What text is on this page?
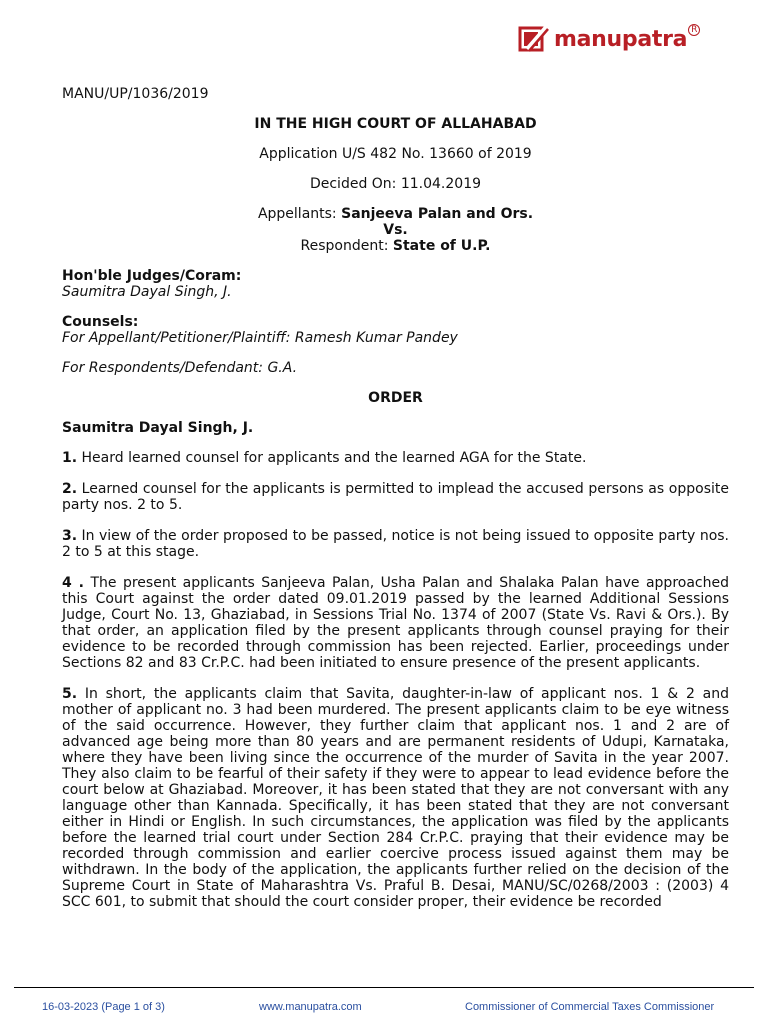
manupatra R
MANU/UP/1036/2019
IN THE HIGH COURT OF ALLAHABAD
Application U/S 482 No. 13660 of 2019
Decided On: 11.04.2019
Appellants: Sanjeeva Palan and Ors.
Vs.
Respondent: State of U.P.
Hon'ble Judges/Coram:
Saumitra Dayal Singh, J.
Counsels:
For Appellant/Petitioner/Plaintiff: Ramesh Kumar Pandey
For Respondents/Defendant: G.A.
ORDER
Saumitra Dayal Singh, J.
1. Heard learned counsel for applicants and the learned AGA for the State.
2. Learned counsel for the applicants is permitted to implead the accused persons as opposite party nos. 2 to 5.
3. In view of the order proposed to be passed, notice is not being issued to opposite party nos. 2 to 5 at this stage.
4 . The present applicants Sanjeeva Palan, Usha Palan and Shalaka Palan have approached this Court against the order dated 09.01.2019 passed by the learned Additional Sessions Judge, Court No. 13, Ghaziabad, in Sessions Trial No. 1374 of 2007 (State Vs. Ravi & Ors.). By that order, an application filed by the present applicants through counsel praying for their evidence to be recorded through commission has been rejected. Earlier, proceedings under Sections 82 and 83 Cr.P.C. had been initiated to ensure presence of the present applicants.
5. In short, the applicants claim that Savita, daughter-in-law of applicant nos. 1 & 2 and mother of applicant no. 3 had been murdered. The present applicants claim to be eye witness of the said occurrence. However, they further claim that applicant nos. 1 and 2 are of advanced age being more than 80 years and are permanent residents of Udupi, Karnataka, where they have been living since the occurrence of the murder of Savita in the year 2007. They also claim to be fearful of their safety if they were to appear to lead evidence before the court below at Ghaziabad. Moreover, it has been stated that they are not conversant with any language other than Kannada. Specifically, it has been stated that they are not conversant either in Hindi or English. In such circumstances, the application was filed by the applicants before the learned trial court under Section 284 Cr.P.C. praying that their evidence may be recorded through commission and earlier coercive process issued against them may be withdrawn. In the body of the application, the applicants further relied on the decision of the Supreme Court in State of Maharashtra Vs. Praful B. Desai, MANU/SC/0268/2003 : (2003) 4 SCC 601, to submit that should the court consider proper, their evidence be recorded
16-03-2023 (Page 1 of 3)	www.manupatra.com	Commissioner of Commercial Taxes Commissioner
